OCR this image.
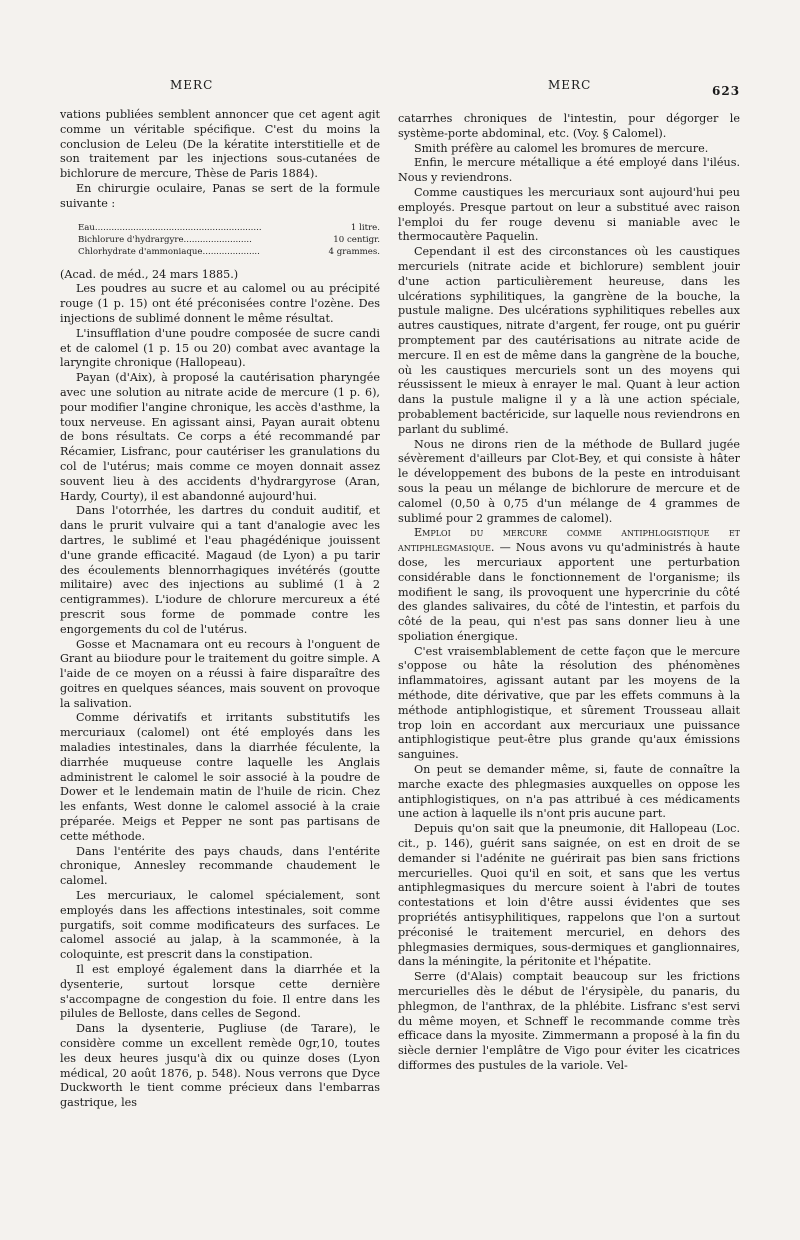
MERC	MERC	623

vations publiées semblent annoncer que cet agent agit comme un véritable spécifique. C'est du moins la conclusion de Leleu (De la kératite interstitielle et de son traitement par les injections sous-cutanées de bichlorure de mercure, Thèse de Paris 1884).

En chirurgie oculaire, Panas se sert de la formule suivante :

Eau.............................................................	1 litre.
Bichlorure d'hydrargyre.........................	10 centigr.
Chlorhydrate d'ammoniaque.....................	4 grammes.

(Acad. de méd., 24 mars 1885.)

Les poudres au sucre et au calomel ou au précipité rouge (1 p. 15) ont été préconisées contre l'ozène. Des injections de sublimé donnent le même résultat.

L'insufflation d'une poudre composée de sucre candi et de calomel (1 p. 15 ou 20) combat avec avantage la laryngite chronique (Hallopeau).

Payan (d'Aix), à proposé la cautérisation pharyngée avec une solution au nitrate acide de mercure (1 p. 6), pour modifier l'angine chronique, les accès d'asthme, la toux nerveuse. En agissant ainsi, Payan aurait obtenu de bons résultats. Ce corps a été recommandé par Récamier, Lisfranc, pour cautériser les granulations du col de l'utérus; mais comme ce moyen donnait assez souvent lieu à des accidents d'hydrargyrose (Aran, Hardy, Courty), il est abandonné aujourd'hui.

Dans l'otorrhée, les dartres du conduit auditif, et dans le prurit vulvaire qui a tant d'analogie avec les dartres, le sublimé et l'eau phagédénique jouissent d'une grande efficacité. Magaud (de Lyon) a pu tarir des écoulements blennorrhagiques invétérés (goutte militaire) avec des injections au sublimé (1 à 2 centigrammes). L'iodure de chlorure mercureux a été prescrit sous forme de pommade contre les engorgements du col de l'utérus.

Gosse et Macnamara ont eu recours à l'onguent de Grant au biiodure pour le traitement du goitre simple. A l'aide de ce moyen on a réussi à faire disparaître des goitres en quelques séances, mais souvent on provoque la salivation.

Comme dérivatifs et irritants substitutifs les mercuriaux (calomel) ont été employés dans les maladies intestinales, dans la diarrhée féculente, la diarrhée muqueuse contre laquelle les Anglais administrent le calomel le soir associé à la poudre de Dower et le lendemain matin de l'huile de ricin. Chez les enfants, West donne le calomel associé à la craie préparée. Meigs et Pepper ne sont pas partisans de cette méthode.

Dans l'entérite des pays chauds, dans l'entérite chronique, Annesley recommande chaudement le calomel.

Les mercuriaux, le calomel spécialement, sont employés dans les affections intestinales, soit comme purgatifs, soit comme modificateurs des surfaces. Le calomel associé au jalap, à la scammonée, à la coloquinte, est prescrit dans la constipation.

Il est employé également dans la diarrhée et la dysenterie, surtout lorsque cette dernière s'accompagne de congestion du foie. Il entre dans les pilules de Belloste, dans celles de Segond.

Dans la dysenterie, Pugliuse (de Tarare), le considère comme un excellent remède 0gr,10, toutes les deux heures jusqu'à dix ou quinze doses (Lyon médical, 20 août 1876, p. 548). Nous verrons que Dyce Duckworth le tient comme précieux dans l'embarras gastrique, les

catarrhes chroniques de l'intestin, pour dégorger le système-porte abdominal, etc. (Voy. § Calomel).

Smith préfère au calomel les bromures de mercure.

Enfin, le mercure métallique a été employé dans l'iléus. Nous y reviendrons.

Comme caustiques les mercuriaux sont aujourd'hui peu employés. Presque partout on leur a substitué avec raison l'emploi du fer rouge devenu si maniable avec le thermocautère Paquelin.

Cependant il est des circonstances où les caustiques mercuriels (nitrate acide et bichlorure) semblent jouir d'une action particulièrement heureuse, dans les ulcérations syphilitiques, la gangrène de la bouche, la pustule maligne. Des ulcérations syphilitiques rebelles aux autres caustiques, nitrate d'argent, fer rouge, ont pu guérir promptement par des cautérisations au nitrate acide de mercure. Il en est de même dans la gangrène de la bouche, où les caustiques mercuriels sont un des moyens qui réussissent le mieux à enrayer le mal. Quant à leur action dans la pustule maligne il y a là une action spéciale, probablement bactéricide, sur laquelle nous reviendrons en parlant du sublimé.

Nous ne dirons rien de la méthode de Bullard jugée sévèrement d'ailleurs par Clot-Bey, et qui consiste à hâter le développement des bubons de la peste en introduisant sous la peau un mélange de bichlorure de mercure et de calomel (0,50 à 0,75 d'un mélange de 4 grammes de sublimé pour 2 grammes de calomel).

Emploi du mercure comme antiphlogistique et antiphlegmasique. — Nous avons vu qu'administrés à haute dose, les mercuriaux apportent une perturbation considérable dans le fonctionnement de l'organisme; ils modifient le sang, ils provoquent une hypercrinie du côté des glandes salivaires, du côté de l'intestin, et parfois du côté de la peau, qui n'est pas sans donner lieu à une spoliation énergique.

C'est vraisemblablement de cette façon que le mercure s'oppose ou hâte la résolution des phénomènes inflammatoires, agissant autant par les moyens de la méthode, dite dérivative, que par les effets communs à la méthode antiphlogistique, et sûrement Trousseau allait trop loin en accordant aux mercuriaux une puissance antiphlogistique peut-être plus grande qu'aux émissions sanguines.

On peut se demander même, si, faute de connaître la marche exacte des phlegmasies auxquelles on oppose les antiphlogistiques, on n'a pas attribué à ces médicaments une action à laquelle ils n'ont pris aucune part.

Depuis qu'on sait que la pneumonie, dit Hallopeau (Loc. cit., p. 146), guérit sans saignée, on est en droit de se demander si l'adénite ne guérirait pas bien sans frictions mercurielles. Quoi qu'il en soit, et sans que les vertus antiphlegmasiques du mercure soient à l'abri de toutes contestations et loin d'être aussi évidentes que ses propriétés antisyphilitiques, rappelons que l'on a surtout préconisé le traitement mercuriel, en dehors des phlegmasies dermiques, sous-dermiques et ganglionnaires, dans la méningite, la péritonite et l'hépatite.

Serre (d'Alais) comptait beaucoup sur les frictions mercurielles dès le début de l'érysipèle, du panaris, du phlegmon, de l'anthrax, de la phlébite. Lisfranc s'est servi du même moyen, et Schneff le recommande comme très efficace dans la myosite. Zimmermann a proposé à la fin du siècle dernier l'emplâtre de Vigo pour éviter les cicatrices difformes des pustules de la variole. Vel-
